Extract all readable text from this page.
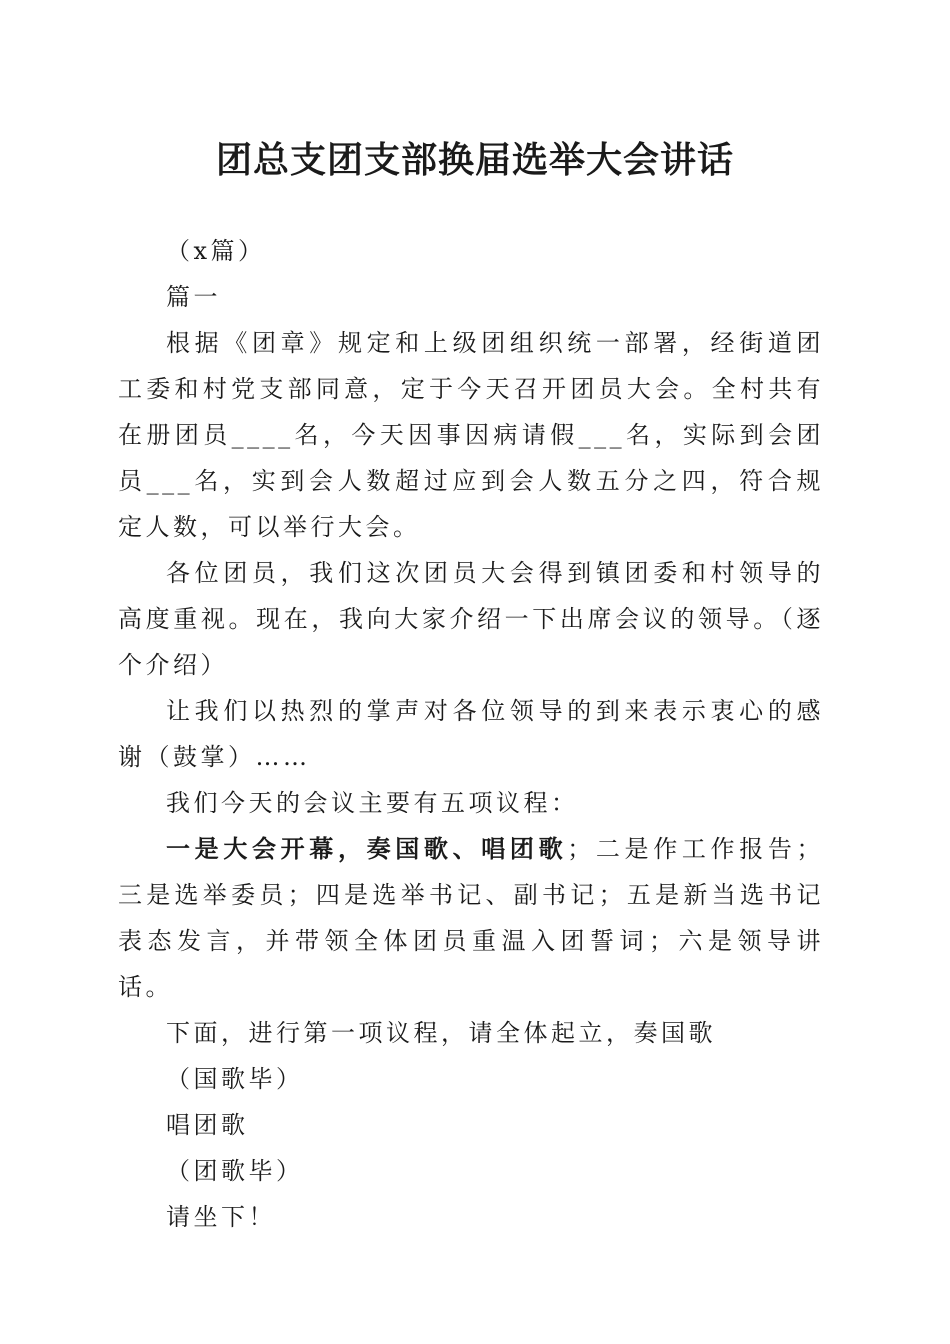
团总支团支部换届选举大会讲话

（x篇）

篇一

根据《团章》规定和上级团组织统一部署，经街道团工委和村党支部同意，定于今天召开团员大会。全村共有在册团员____名，今天因事因病请假___名，实际到会团员___名，实到会人数超过应到会人数五分之四，符合规定人数，可以举行大会。

各位团员，我们这次团员大会得到镇团委和村领导的高度重视。现在，我向大家介绍一下出席会议的领导。（逐个介绍）

让我们以热烈的掌声对各位领导的到来表示衷心的感谢（鼓掌）……

我们今天的会议主要有五项议程：

一是大会开幕，奏国歌、唱团歌；二是作工作报告；三是选举委员；四是选举书记、副书记；五是新当选书记表态发言，并带领全体团员重温入团誓词；六是领导讲话。

下面，进行第一项议程，请全体起立，奏国歌

（国歌毕）

唱团歌

（团歌毕）

请坐下！
